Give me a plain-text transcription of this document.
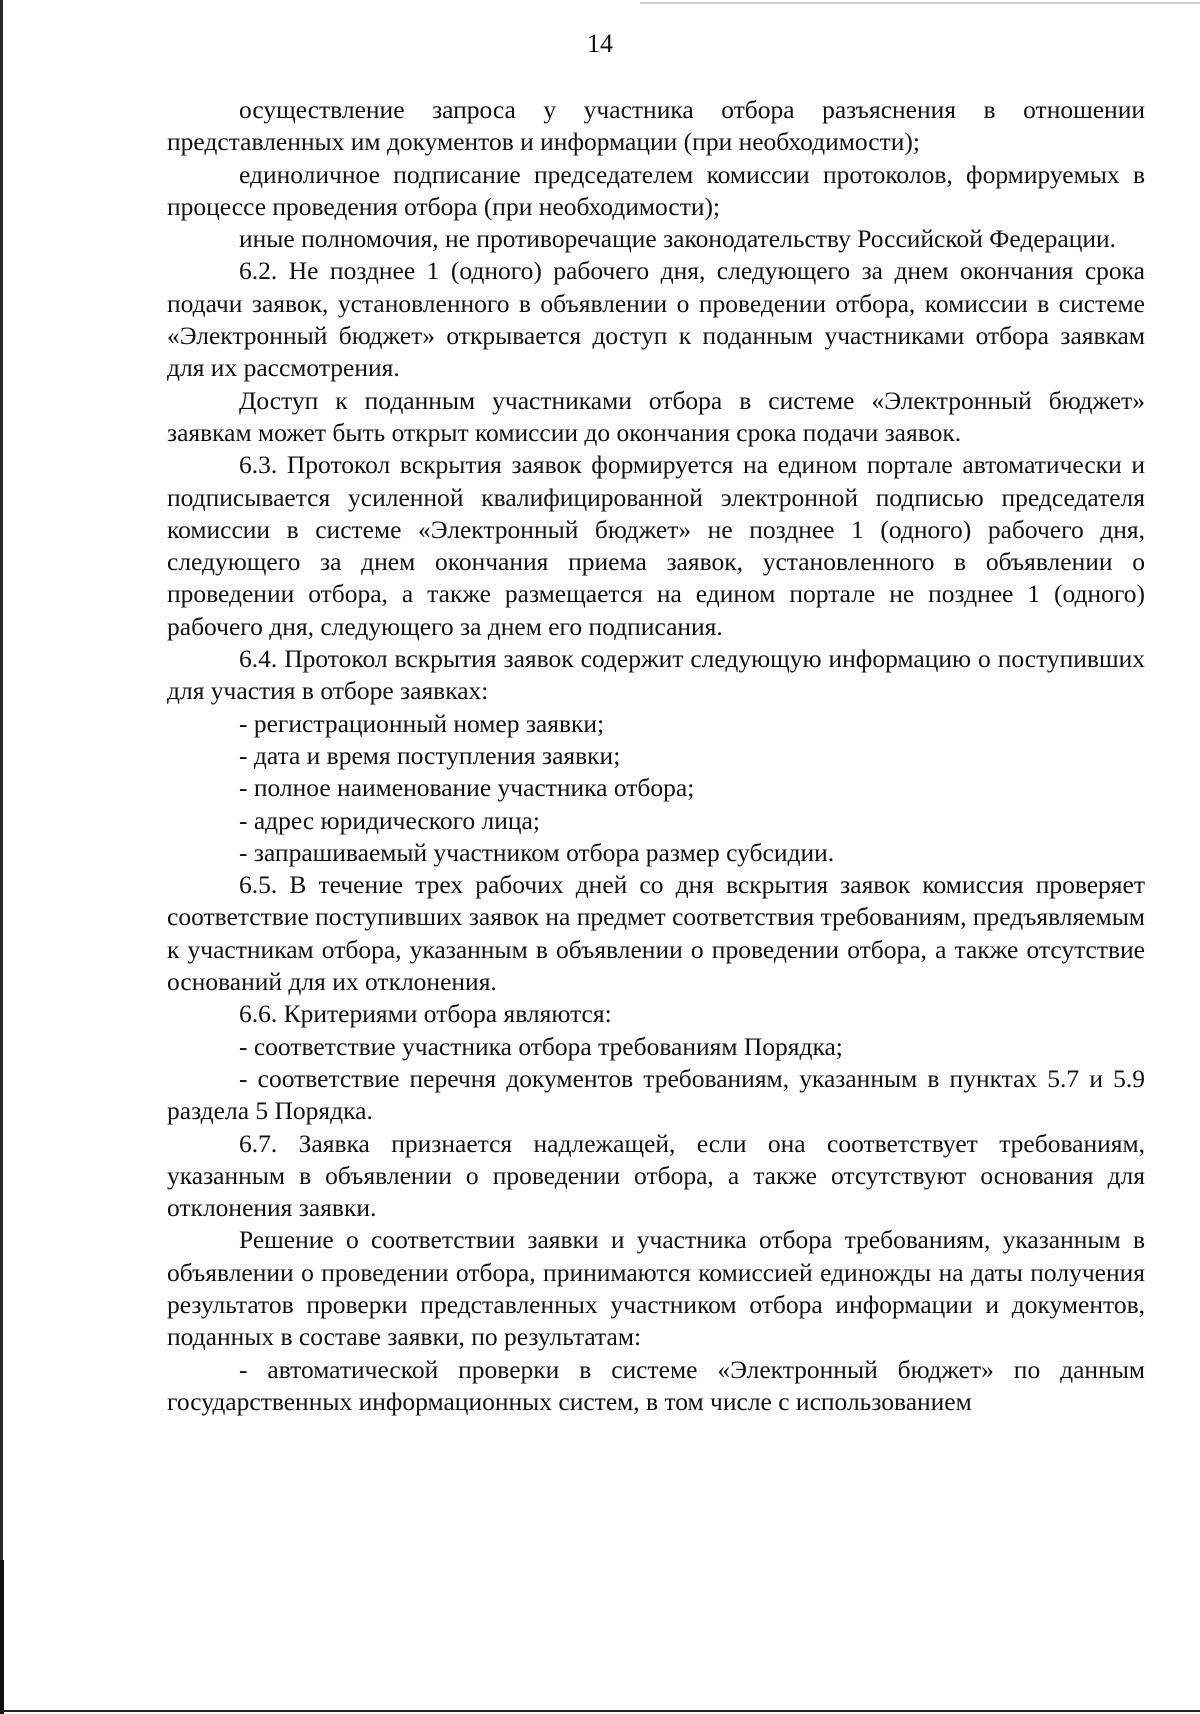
14

осуществление запроса у участника отбора разъяснения в отношении представленных им документов и информации (при необходимости);

единоличное подписание председателем комиссии протоколов, формируемых в процессе проведения отбора (при необходимости);

иные полномочия, не противоречащие законодательству Российской Федерации.

6.2. Не позднее 1 (одного) рабочего дня, следующего за днем окончания срока подачи заявок, установленного в объявлении о проведении отбора, комиссии в системе «Электронный бюджет» открывается доступ к поданным участниками отбора заявкам для их рассмотрения.

Доступ к поданным участниками отбора в системе «Электронный бюджет» заявкам может быть открыт комиссии до окончания срока подачи заявок.

6.3. Протокол вскрытия заявок формируется на едином портале автоматически и подписывается усиленной квалифицированной электронной подписью председателя комиссии в системе «Электронный бюджет» не позднее 1 (одного) рабочего дня, следующего за днем окончания приема заявок, установленного в объявлении о проведении отбора, а также размещается на едином портале не позднее 1 (одного) рабочего дня, следующего за днем его подписания.

6.4. Протокол вскрытия заявок содержит следующую информацию о поступивших для участия в отборе заявках:

- регистрационный номер заявки;

- дата и время поступления заявки;

- полное наименование участника отбора;

- адрес юридического лица;

- запрашиваемый участником отбора размер субсидии.

6.5. В течение трех рабочих дней со дня вскрытия заявок комиссия проверяет соответствие поступивших заявок на предмет соответствия требованиям, предъявляемым к участникам отбора, указанным в объявлении о проведении отбора, а также отсутствие оснований для их отклонения.

6.6. Критериями отбора являются:

- соответствие участника отбора требованиям Порядка;

- соответствие перечня документов требованиям, указанным в пунктах 5.7 и 5.9 раздела 5 Порядка.

6.7. Заявка признается надлежащей, если она соответствует требованиям, указанным в объявлении о проведении отбора, а также отсутствуют основания для отклонения заявки.

Решение о соответствии заявки и участника отбора требованиям, указанным в объявлении о проведении отбора, принимаются комиссией единожды на даты получения результатов проверки представленных участником отбора информации и документов, поданных в составе заявки, по результатам:

- автоматической проверки в системе «Электронный бюджет» по данным государственных информационных систем, в том числе с использованием
